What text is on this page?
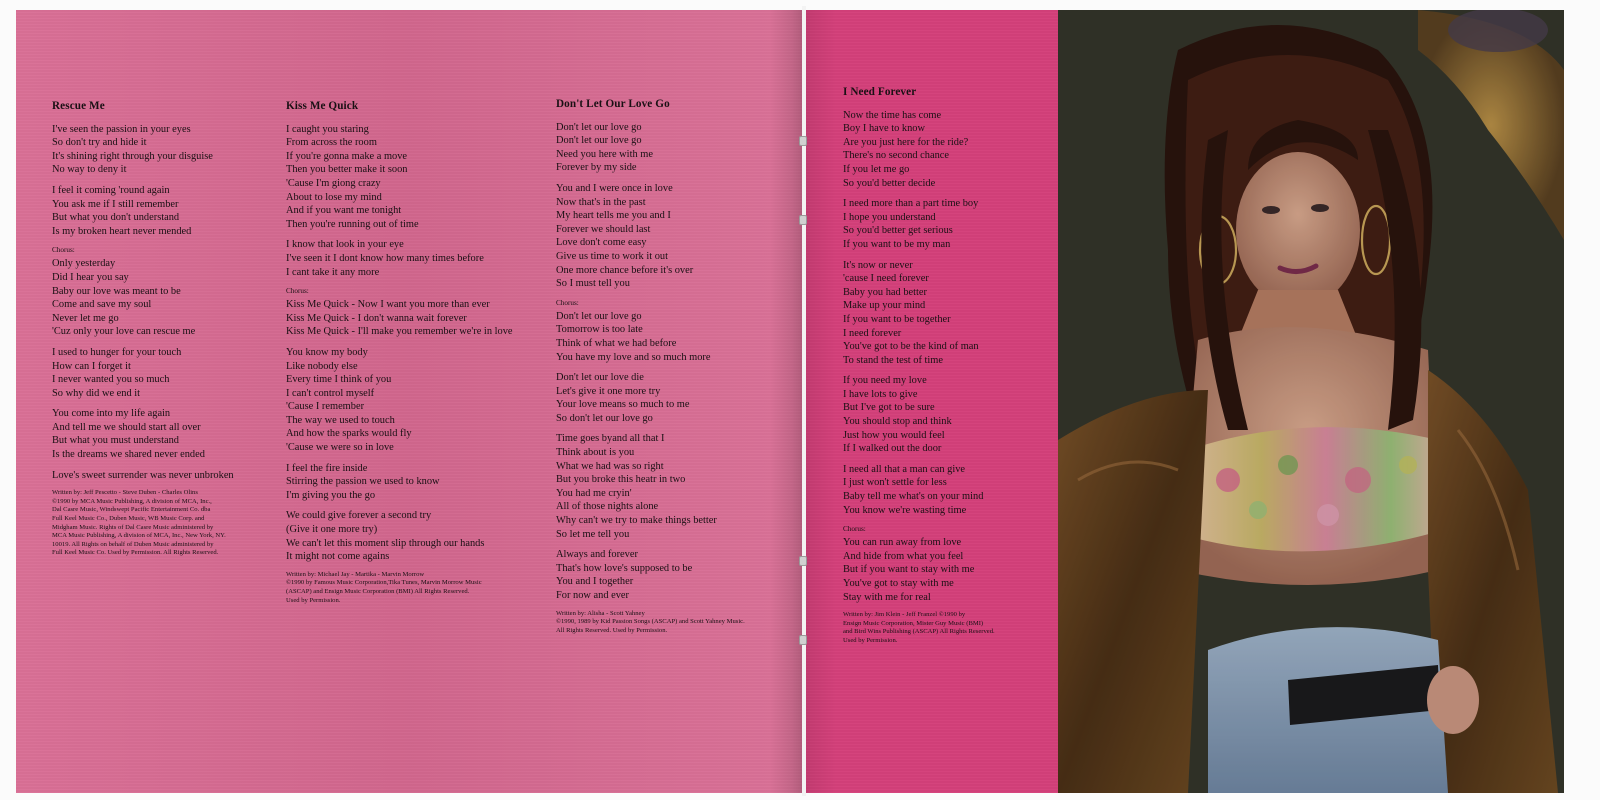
Rescue Me
I've seen the passion in your eyes
So don't try and hide it
It's shining right through your disguise
No way to deny it
I feel it coming 'round again
You ask me if I still remember
But what you don't understand
Is my broken heart never mended
Chorus:
Only yesterday
Did I hear you say
Baby our love was meant to be
Come and save my soul
Never let me go
'Cuz only your love can rescue me
I used to hunger for your touch
How can I forget it
I never wanted you so much
So why did we end it
You come into my life again
And tell me we should start all over
But what you must understand
Is the dreams we shared never ended
Love's sweet surrender was never unbroken
Written by: Jeff Pescetto - Steve Duben - Charles Olins
©1990 by MCA Music Publishing, A division of MCA, Inc.,
Dal Casre Music, Windswept Pacific Entertainment Co. dba
Full Keel Music Co., Duben Music, WB Music Corp. and
Midgham Music. Rights of Dal Casre Music administered by
MCA Music Publishing, A division of MCA, Inc., New York, NY.
10019. All Rights on behalf of Duben Music administered by
Full Keel Music Co. Used by Permission. All Rights Reserved.
Kiss Me Quick
I caught you staring
From across the room
If you're gonna make a move
Then you better make it soon
'Cause I'm giong crazy
About to lose my mind
And if you want me tonight
Then you're running out of time
I know that look in your eye
I've seen it I dont know how many times before
I cant take it any more
Chorus:
Kiss Me Quick - Now I want you more than ever
Kiss Me Quick - I don't wanna wait forever
Kiss Me Quick - I'll make you remember we're in love
You know my body
Like nobody else
Every time I think of you
I can't control myself
'Cause I remember
The way we used to touch
And how the sparks would fly
'Cause we were so in love
I feel the fire inside
Stirring the passion we used to know
I'm giving you the go
We could give forever a second try
(Give it one more try)
We can't let this moment slip through our hands
It might not come agains
Written by: Michael Jay - Martika - Marvin Morrow
©1990 by Famous Music Corporation,Tika Tunes, Marvin Morrow Music
(ASCAP) and Ensign Music Corporation (BMI) All Rights Reserved.
Used by Permission.
Don't Let Our Love Go
Don't let our love go
Don't let our love go
Need you here with me
Forever by my side
You and I were once in love
Now that's in the past
My heart tells me you and I
Forever we should last
Love don't come easy
Give us time to work it out
One more chance before it's over
So I must tell you
Chorus:
Don't let our love go
Tomorrow is too late
Think of what we had before
You have my love and so much more
Don't let our love die
Let's give it one more try
Your love means so much to me
So don't let our love go
Time goes byand all that I
Think about is you
What we had was so right
But you broke this heatr in two
You had me cryin'
All of those nights alone
Why can't we try to make things better
So let me tell you
Always and forever
That's how love's supposed to be
You and I together
For now and ever
Written by: Alisha - Scott Yahney
©1990, 1989 by Kid Passion Songs (ASCAP) and Scott Yahney Music.
All Rights Reserved. Used by Permission.
I Need Forever
Now the time has come
Boy I have to know
Are you just here for the ride?
There's no second chance
If you let me go
So you'd better decide
I need more than a part time boy
I hope you understand
So you'd better get serious
If you want to be my man
It's now or never
'cause I need forever
Baby you had better
Make up your mind
If you want to be together
I need forever
You've got to be the kind of man
To stand the test of time
If you need my love
I have lots to give
But I've got to be sure
You should stop and think
Just how you would feel
If I walked out the door
I need all that a man can give
I just won't settle for less
Baby tell me what's on your mind
You know we're wasting time
Chorus:
You can run away from love
And hide from what you feel
But if you want to stay with me
You've got to stay with me
Stay with me for real
Written by: Jim Klein - Jeff Franzel ©1990 by
Ensign Music Corporation, Mister Guy Music (BMI)
and Bird Wins Publishing (ASCAP) All Rights Reserved.
Used by Permission.
